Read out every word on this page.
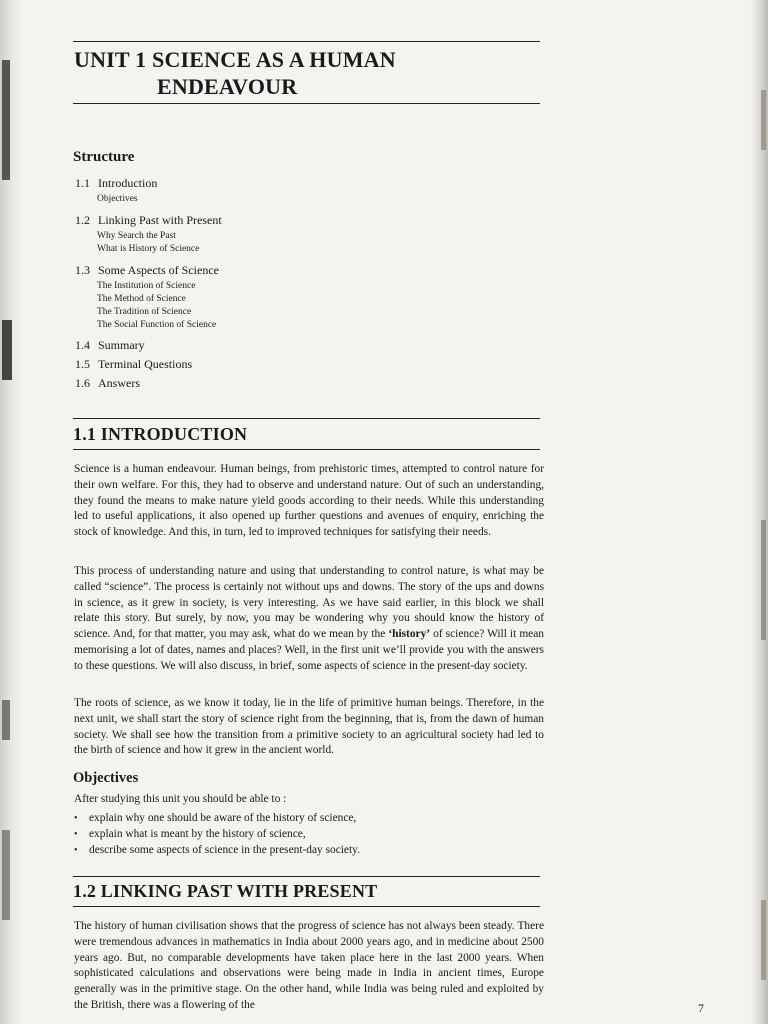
UNIT 1 SCIENCE AS A HUMAN
ENDEAVOUR
Structure

1.1 Introduction

Objectives

1.2 Linking Past with Present

Why Search the Past

What is History of Science

1.3 Some Aspects of Science

The Institution of Science

The Method of Science

The Tradition of Science

The Social Function of Science

1.4 Summary

1.5 Terminal Questions

1.6 Answers

1.1 INTRODUCTION

Science is a human endeavour. Human beings, from prehistoric times, attempted to control nature for their own welfare. For this, they had to observe and understand nature. Out of such an understanding, they found the means to make nature yield goods according to their needs. While this understanding led to useful applications, it also opened up further questions and avenues of enquiry, enriching the stock of knowledge. And this, in turn, led to improved techniques for satisfying their needs.

This process of understanding nature and using that understanding to control nature, is what may be called “science”. The process is certainly not without ups and downs. The story of the ups and downs in science, as it grew in society, is very interesting. As we have said earlier, in this block we shall relate this story. But surely, by now, you may be wondering why you should know the history of science. And, for that matter, you may ask, what do we mean by the ‘history’ of science? Will it mean memorising a lot of dates, names and places? Well, in the first unit we’ll provide you with the answers to these questions. We will also discuss, in brief, some aspects of science in the present-day society.

The roots of science, as we know it today, lie in the life of primitive human beings. Therefore, in the next unit, we shall start the story of science right from the beginning, that is, from the dawn of human society. We shall see how the transition from a primitive society to an agricultural society had led to the birth of science and how it grew in the ancient world.

Objectives

After studying this unit you should be able to :

• explain why one should be aware of the history of science,
• explain what is meant by the history of science,
• describe some aspects of science in the present-day society.
1.2 LINKING PAST WITH PRESENT

The history of human civilisation shows that the progress of science has not always been steady. There were tremendous advances in mathematics in India about 2000 years ago, and in medicine about 2500 years ago. But, no comparable developments have taken place here in the last 2000 years. When sophisticated calculations and observations were being made in India in ancient times, Europe generally was in the primitive stage. On the other hand, while India was being ruled and exploited by the British, there was a flowering of the	7
